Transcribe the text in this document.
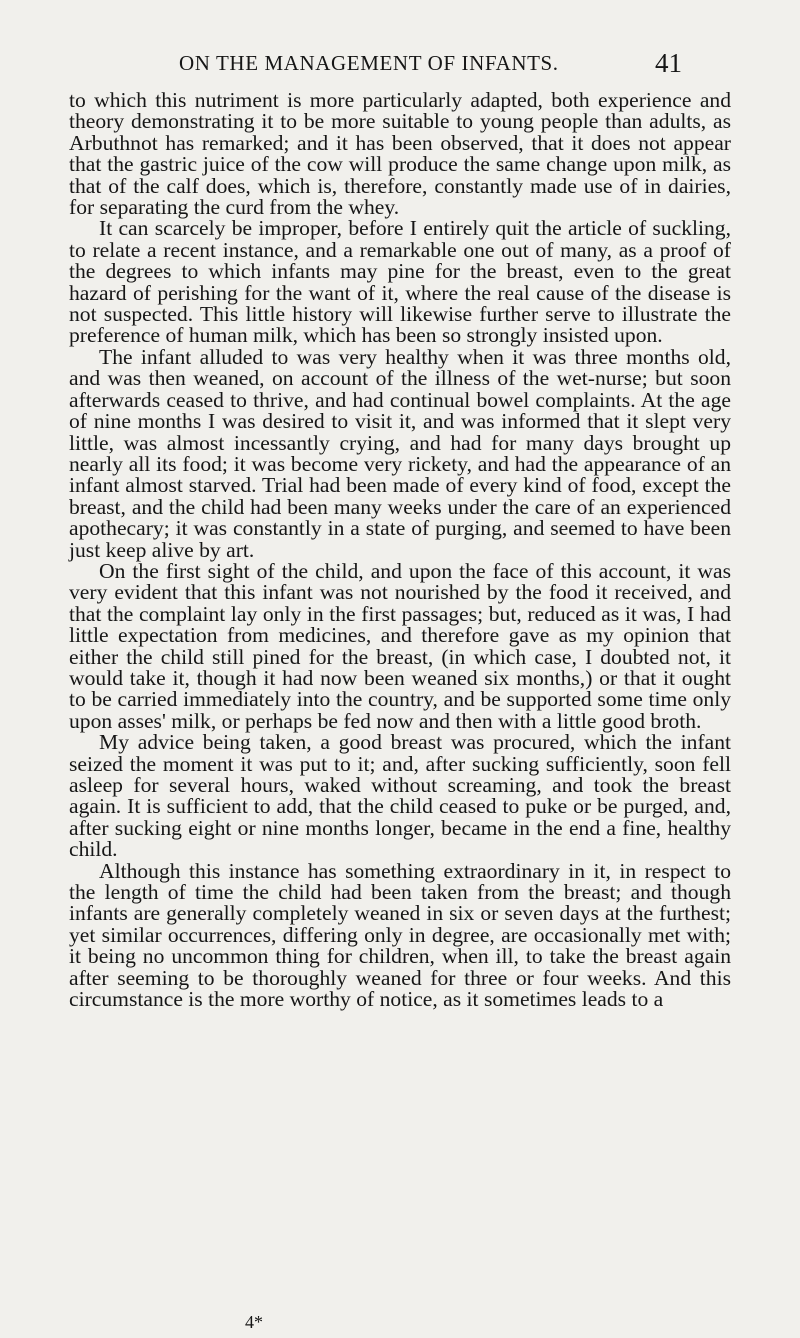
ON THE MANAGEMENT OF INFANTS.	41

to which this nutriment is more particularly adapted, both experience and theory demonstrating it to be more suitable to young people than adults, as Arbuthnot has remarked; and it has been observed, that it does not appear that the gastric juice of the cow will produce the same change upon milk, as that of the calf does, which is, therefore, constantly made use of in dairies, for separating the curd from the whey.

It can scarcely be improper, before I entirely quit the article of suckling, to relate a recent instance, and a remarkable one out of many, as a proof of the degrees to which infants may pine for the breast, even to the great hazard of perishing for the want of it, where the real cause of the disease is not suspected. This little history will likewise further serve to illustrate the preference of human milk, which has been so strongly insisted upon.

The infant alluded to was very healthy when it was three months old, and was then weaned, on account of the illness of the wet-nurse; but soon afterwards ceased to thrive, and had continual bowel complaints. At the age of nine months I was desired to visit it, and was informed that it slept very little, was almost incessantly crying, and had for many days brought up nearly all its food; it was become very rickety, and had the appearance of an infant almost starved. Trial had been made of every kind of food, except the breast, and the child had been many weeks under the care of an experienced apothecary; it was constantly in a state of purging, and seemed to have been just keep alive by art.

On the first sight of the child, and upon the face of this account, it was very evident that this infant was not nourished by the food it received, and that the complaint lay only in the first passages; but, reduced as it was, I had little expectation from medicines, and therefore gave as my opinion that either the child still pined for the breast, (in which case, I doubted not, it would take it, though it had now been weaned six months,) or that it ought to be carried immediately into the country, and be supported some time only upon asses' milk, or perhaps be fed now and then with a little good broth.

My advice being taken, a good breast was procured, which the infant seized the moment it was put to it; and, after sucking sufficiently, soon fell asleep for several hours, waked without screaming, and took the breast again. It is sufficient to add, that the child ceased to puke or be purged, and, after sucking eight or nine months longer, became in the end a fine, healthy child.

Although this instance has something extraordinary in it, in respect to the length of time the child had been taken from the breast; and though infants are generally completely weaned in six or seven days at the furthest; yet similar occurrences, differing only in degree, are occasionally met with; it being no uncommon thing for children, when ill, to take the breast again after seeming to be thoroughly weaned for three or four weeks. And this circumstance is the more worthy of notice, as it sometimes leads to a

4*
